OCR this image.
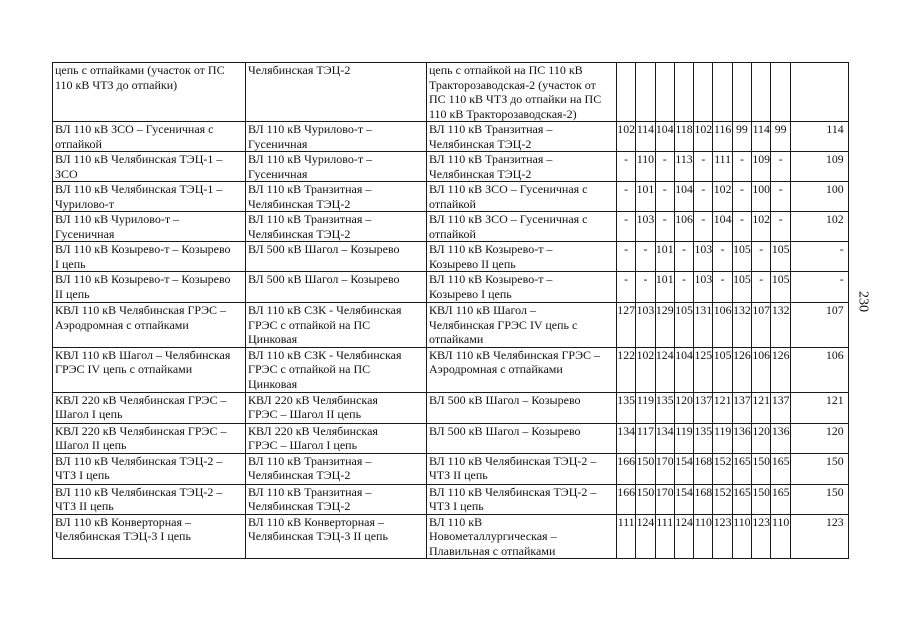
цепь с отпайками (участок от ПС
110 кВ ЧТЗ до отпайки)	Челябинская ТЭЦ-2	цепь с отпайкой на ПС 110 кВ
Тракторозаводская-2 (участок от
ПС 110 кВ ЧТЗ до отпайки на ПС
110 кВ Тракторозаводская-2)										
ВЛ 110 кВ ЗСО – Гусеничная с
отпайкой	ВЛ 110 кВ Чурилово-т –
Гусеничная	ВЛ 110 кВ Транзитная –
Челябинская ТЭЦ-2	102	114	104	118	102	116	99	114	99	114
ВЛ 110 кВ Челябинская ТЭЦ-1 –
ЗСО	ВЛ 110 кВ Чурилово-т –
Гусеничная	ВЛ 110 кВ Транзитная –
Челябинская ТЭЦ-2	-	110	-	113	-	111	-	109	-	109
ВЛ 110 кВ Челябинская ТЭЦ-1 –
Чурилово-т	ВЛ 110 кВ Транзитная –
Челябинская ТЭЦ-2	ВЛ 110 кВ ЗСО – Гусеничная с
отпайкой	-	101	-	104	-	102	-	100	-	100
ВЛ 110 кВ Чурилово-т –
Гусеничная	ВЛ 110 кВ Транзитная –
Челябинская ТЭЦ-2	ВЛ 110 кВ ЗСО – Гусеничная с
отпайкой	-	103	-	106	-	104	-	102	-	102
ВЛ 110 кВ Козырево-т – Козырево
I цепь	ВЛ 500 кВ Шагол – Козырево	ВЛ 110 кВ Козырево-т –
Козырево II цепь	-	-	101	-	103	-	105	-	105	-
ВЛ 110 кВ Козырево-т – Козырево
II цепь	ВЛ 500 кВ Шагол – Козырево	ВЛ 110 кВ Козырево-т –
Козырево I цепь	-	-	101	-	103	-	105	-	105	-
КВЛ 110 кВ Челябинская ГРЭС –
Аэродромная с отпайками	ВЛ 110 кВ СЗК - Челябинская
ГРЭС с отпайкой на ПС
Цинковая	КВЛ 110 кВ Шагол –
Челябинская ГРЭС IV цепь с
отпайками	127	103	129	105	131	106	132	107	132	107
КВЛ 110 кВ Шагол – Челябинская
ГРЭС IV цепь с отпайками	ВЛ 110 кВ СЗК - Челябинская
ГРЭС с отпайкой на ПС
Цинковая	КВЛ 110 кВ Челябинская ГРЭС –
Аэродромная с отпайками	122	102	124	104	125	105	126	106	126	106
КВЛ 220 кВ Челябинская ГРЭС –
Шагол I цепь	КВЛ 220 кВ Челябинская
ГРЭС – Шагол II цепь	ВЛ 500 кВ Шагол – Козырево	135	119	135	120	137	121	137	121	137	121
КВЛ 220 кВ Челябинская ГРЭС –
Шагол II цепь	КВЛ 220 кВ Челябинская
ГРЭС – Шагол I цепь	ВЛ 500 кВ Шагол – Козырево	134	117	134	119	135	119	136	120	136	120
ВЛ 110 кВ Челябинская ТЭЦ-2 –
ЧТЗ I цепь	ВЛ 110 кВ Транзитная –
Челябинская ТЭЦ-2	ВЛ 110 кВ Челябинская ТЭЦ-2 –
ЧТЗ II цепь	166	150	170	154	168	152	165	150	165	150
ВЛ 110 кВ Челябинская ТЭЦ-2 –
ЧТЗ II цепь	ВЛ 110 кВ Транзитная –
Челябинская ТЭЦ-2	ВЛ 110 кВ Челябинская ТЭЦ-2 –
ЧТЗ I цепь	166	150	170	154	168	152	165	150	165	150
ВЛ 110 кВ Конверторная –
Челябинская ТЭЦ-3 I цепь	ВЛ 110 кВ Конверторная –
Челябинская ТЭЦ-3 II цепь	ВЛ 110 кВ
Новометаллургическая –
Плавильная с отпайками	111	124	111	124	110	123	110	123	110	123
230
